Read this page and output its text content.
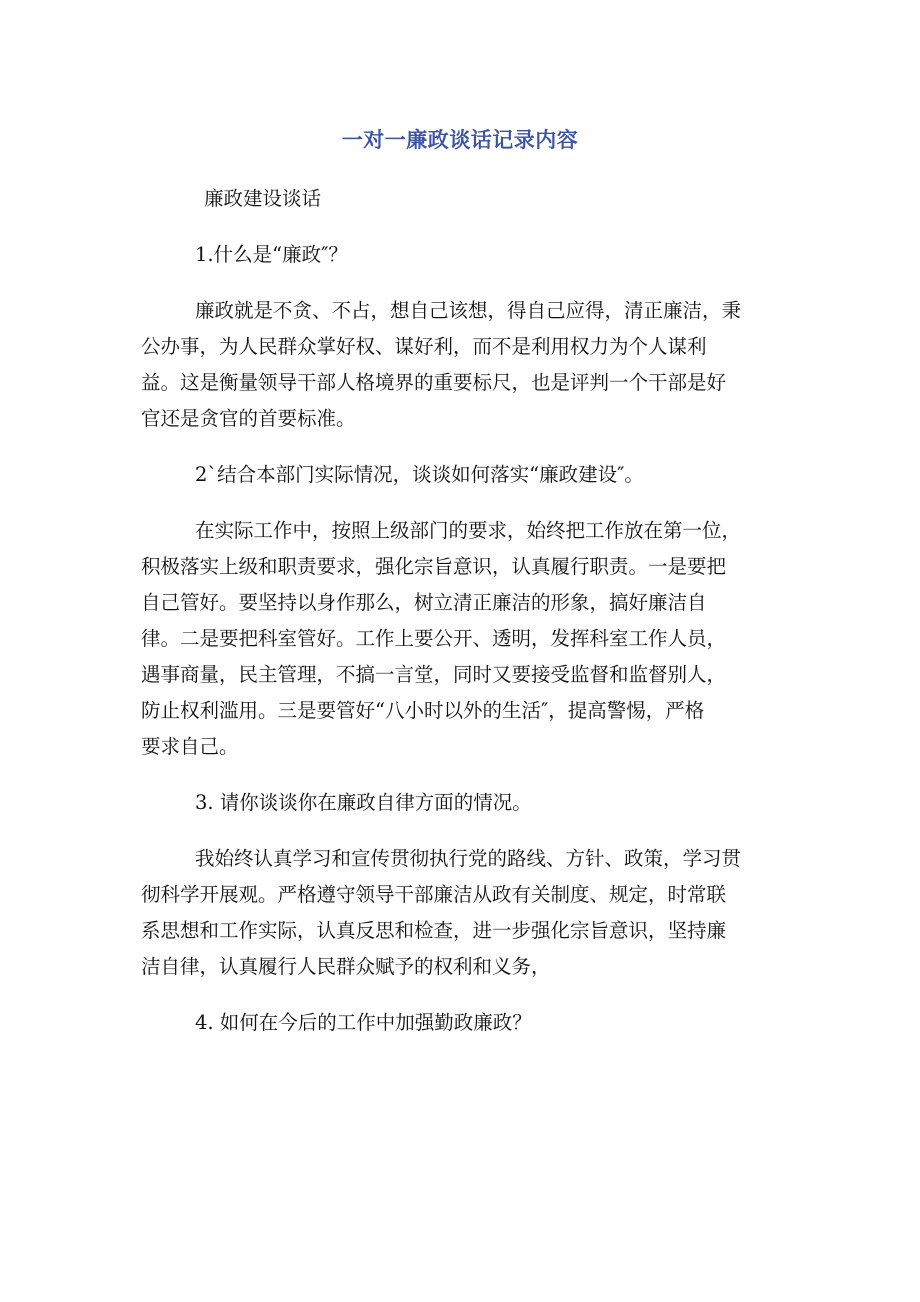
一对一廉政谈话记录内容

廉政建设谈话

1.什么是“廉政″？

廉政就是不贪、不占，想自己该想，得自己应得，清正廉洁，秉
公办事，为人民群众掌好权、谋好利，而不是利用权力为个人谋利
益。这是衡量领导干部人格境界的重要标尺，也是评判一个干部是好
官还是贪官的首要标准。

2`结合本部门实际情况，谈谈如何落实“廉政建设″。

在实际工作中，按照上级部门的要求，始终把工作放在第一位，
积极落实上级和职责要求，强化宗旨意识，认真履行职责。一是要把
自己管好。要坚持以身作那么，树立清正廉洁的形象，搞好廉洁自
律。二是要把科室管好。工作上要公开、透明，发挥科室工作人员，
遇事商量，民主管理，不搞一言堂，同时又要接受监督和监督别人，
防止权利滥用。三是要管好“八小时以外的生活″，提高警惕，严格
要求自己。

3. 请你谈谈你在廉政自律方面的情况。

我始终认真学习和宣传贯彻执行党的路线、方针、政策，学习贯
彻科学开展观。严格遵守领导干部廉洁从政有关制度、规定，时常联
系思想和工作实际，认真反思和检查，进一步强化宗旨意识，坚持廉
洁自律，认真履行人民群众赋予的权利和义务，

4. 如何在今后的工作中加强勤政廉政？
